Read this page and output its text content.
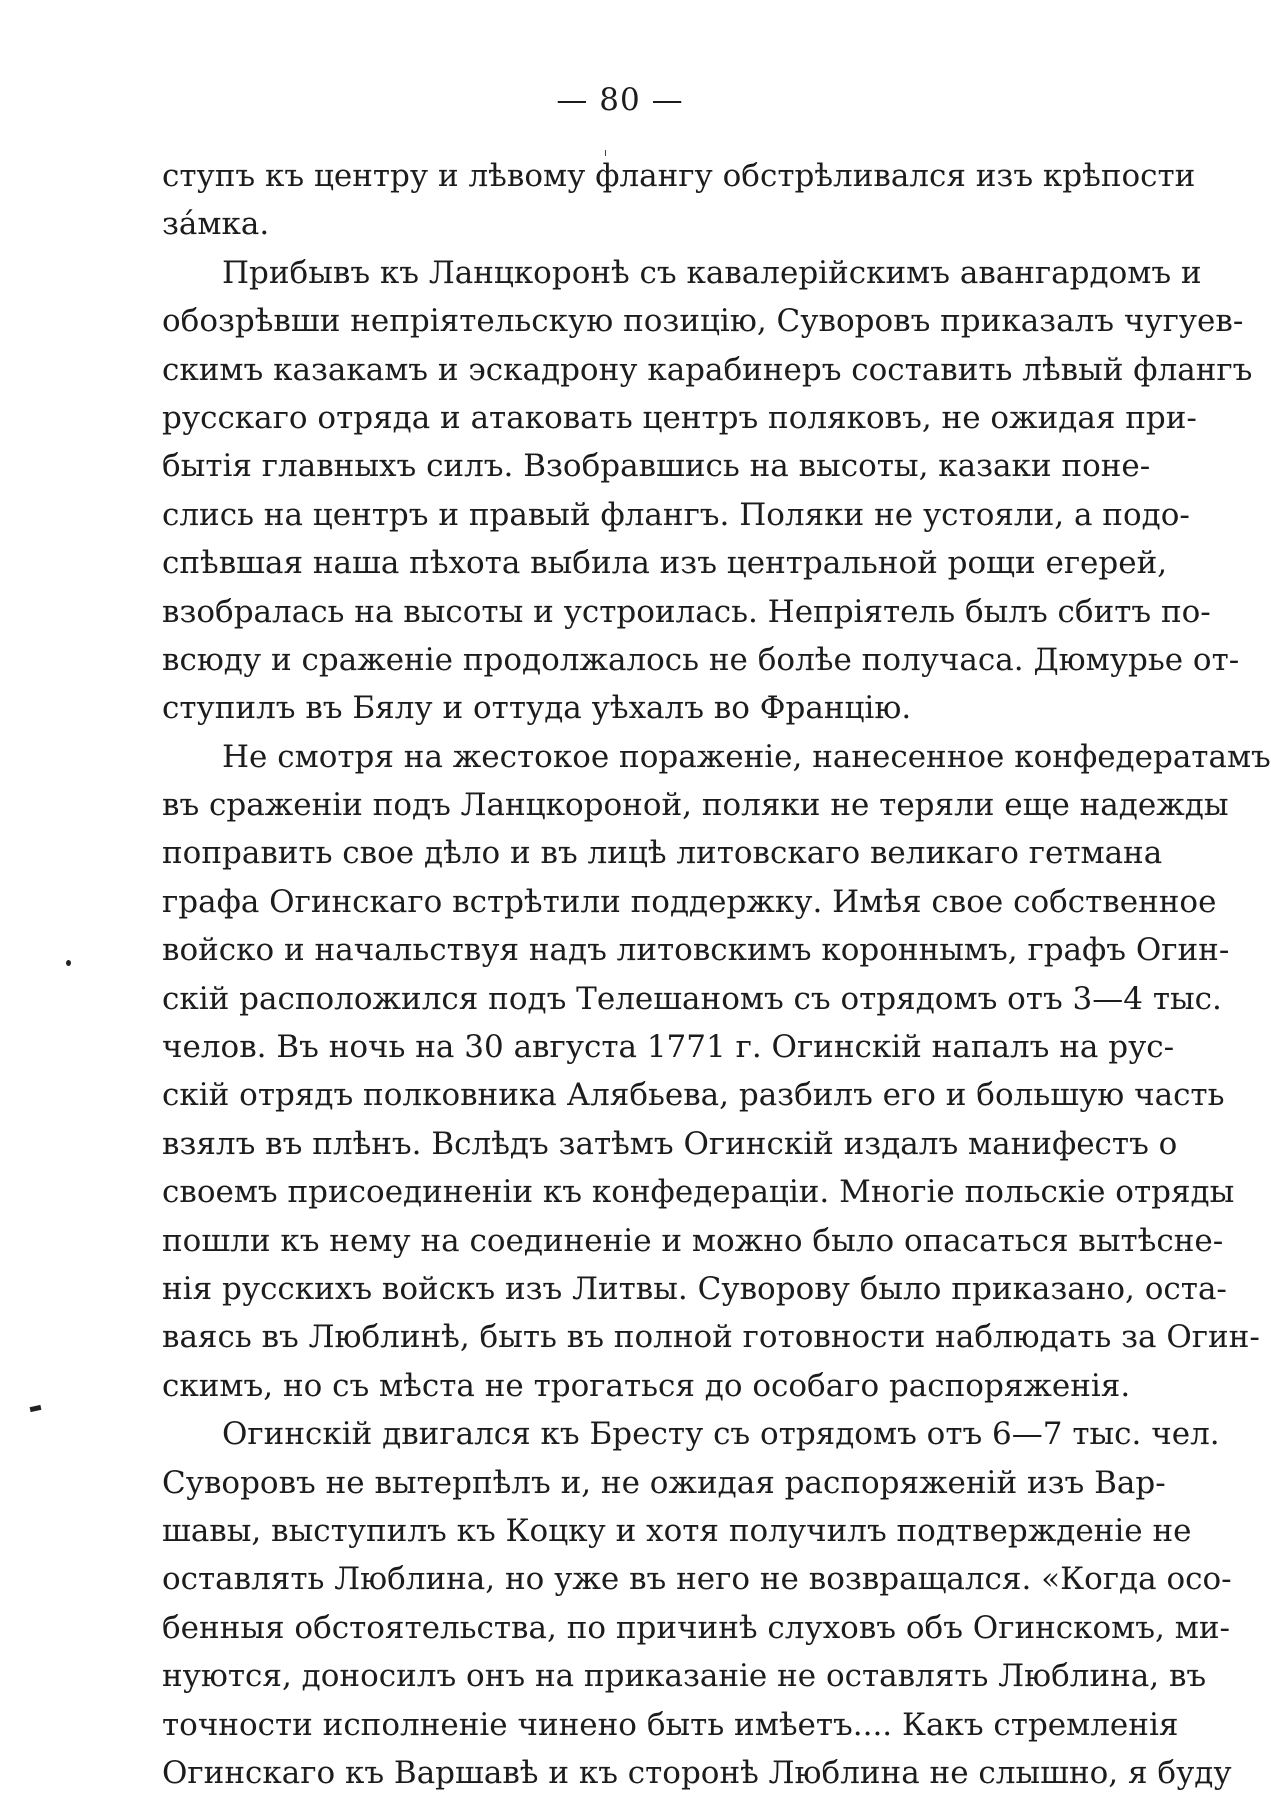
— 80 —
ступъ къ центру и лѣвому флангу обстрѣливался изъ крѣпости
зáмка.
Прибывъ къ Ланцкоронѣ съ кавалерійскимъ авангардомъ и
обозрѣвши непріятельскую позицію, Суворовъ приказалъ чугуев-
скимъ казакамъ и эскадрону карабинеръ составить лѣвый флангъ
русскаго отряда и атаковать центръ поляковъ, не ожидая при-
бытія главныхъ силъ. Взобравшись на высоты, казаки поне-
слись на центръ и правый флангъ. Поляки не устояли, а подо-
спѣвшая наша пѣхота выбила изъ центральной рощи егерей,
взобралась на высоты и устроилась. Непріятель былъ сбитъ по-
всюду и сраженіе продолжалось не болѣе получаса. Дюмурье от-
ступилъ въ Бялу и оттуда уѣхалъ во Францію.
Не смотря на жестокое пораженіе, нанесенное конфедератамъ
въ сраженіи подъ Ланцкороной, поляки не теряли еще надежды
поправить свое дѣло и въ лицѣ литовскаго великаго гетмана
графа Огинскаго встрѣтили поддержку. Имѣя свое собственное
войско и начальствуя надъ литовскимъ короннымъ, графъ Огин-
скій расположился подъ Телешаномъ съ отрядомъ отъ 3—4 тыс.
челов. Въ ночь на 30 августа 1771 г. Огинскій напалъ на рус-
скій отрядъ полковника Алябьева, разбилъ его и большую часть
взялъ въ плѣнъ. Вслѣдъ затѣмъ Огинскій издалъ манифестъ о
своемъ присоединеніи къ конфедераціи. Многіе польскіе отряды
пошли къ нему на соединеніе и можно было опасаться вытѣсне-
нія русскихъ войскъ изъ Литвы. Суворову было приказано, оста-
ваясь въ Люблинѣ, быть въ полной готовности наблюдать за Огин-
скимъ, но съ мѣста не трогаться до особаго распоряженія.
Огинскій двигался къ Бресту съ отрядомъ отъ 6—7 тыс. чел.
Суворовъ не вытерпѣлъ и, не ожидая распоряженій изъ Вар-
шавы, выступилъ къ Коцку и хотя получилъ подтвержденіе не
оставлять Люблина, но уже въ него не возвращался. «Когда осо-
бенныя обстоятельства, по причинѣ слуховъ объ Огинскомъ, ми-
нуются, доносилъ онъ на приказаніе не оставлять Люблина, въ
точности исполненіе чинено быть имѣетъ.... Какъ стремленія
Огинскаго къ Варшавѣ и къ сторонѣ Люблина не слышно, я буду
